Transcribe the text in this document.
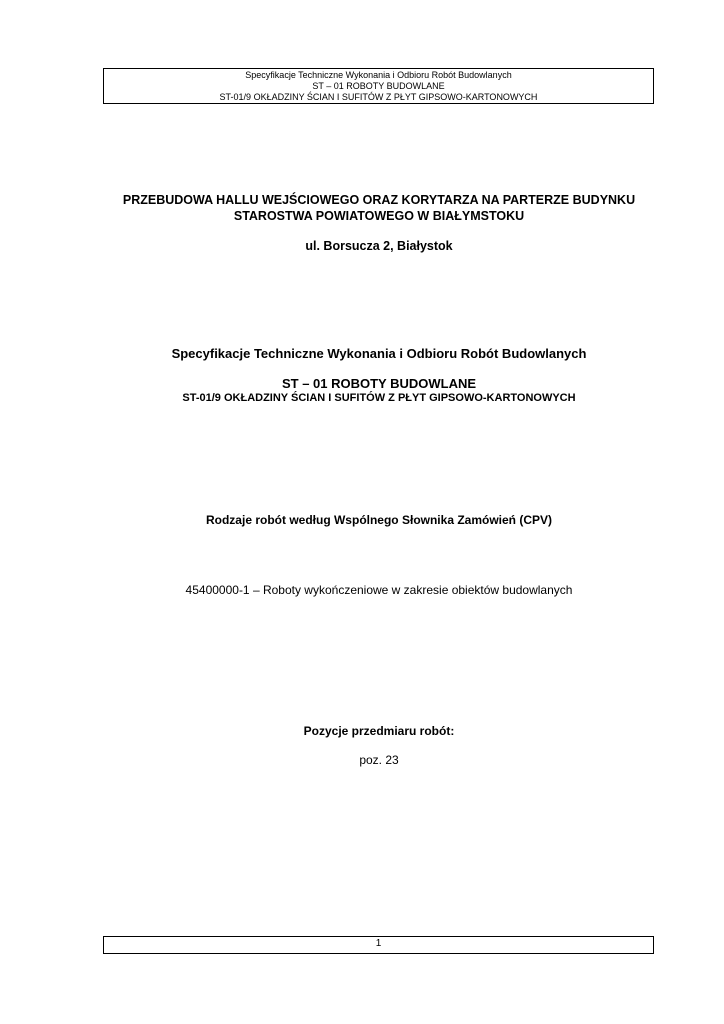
Specyfikacje Techniczne Wykonania i Odbioru Robót Budowlanych
ST – 01 ROBOTY BUDOWLANE
ST-01/9 OKŁADZINY ŚCIAN I SUFITÓW Z PŁYT GIPSOWO-KARTONOWYCH
PRZEBUDOWA HALLU WEJŚCIOWEGO ORAZ KORYTARZA NA PARTERZE BUDYNKU
STAROSTWA POWIATOWEGO W BIAŁYMSTOKU
ul. Borsucza 2, Białystok
Specyfikacje Techniczne Wykonania i Odbioru Robót Budowlanych
ST – 01 ROBOTY BUDOWLANE
ST-01/9 OKŁADZINY ŚCIAN I SUFITÓW Z PŁYT GIPSOWO-KARTONOWYCH
Rodzaje robót według Wspólnego Słownika Zamówień (CPV)
45400000-1 – Roboty wykończeniowe w zakresie obiektów budowlanych
Pozycje przedmiaru robót:
poz. 23
1
